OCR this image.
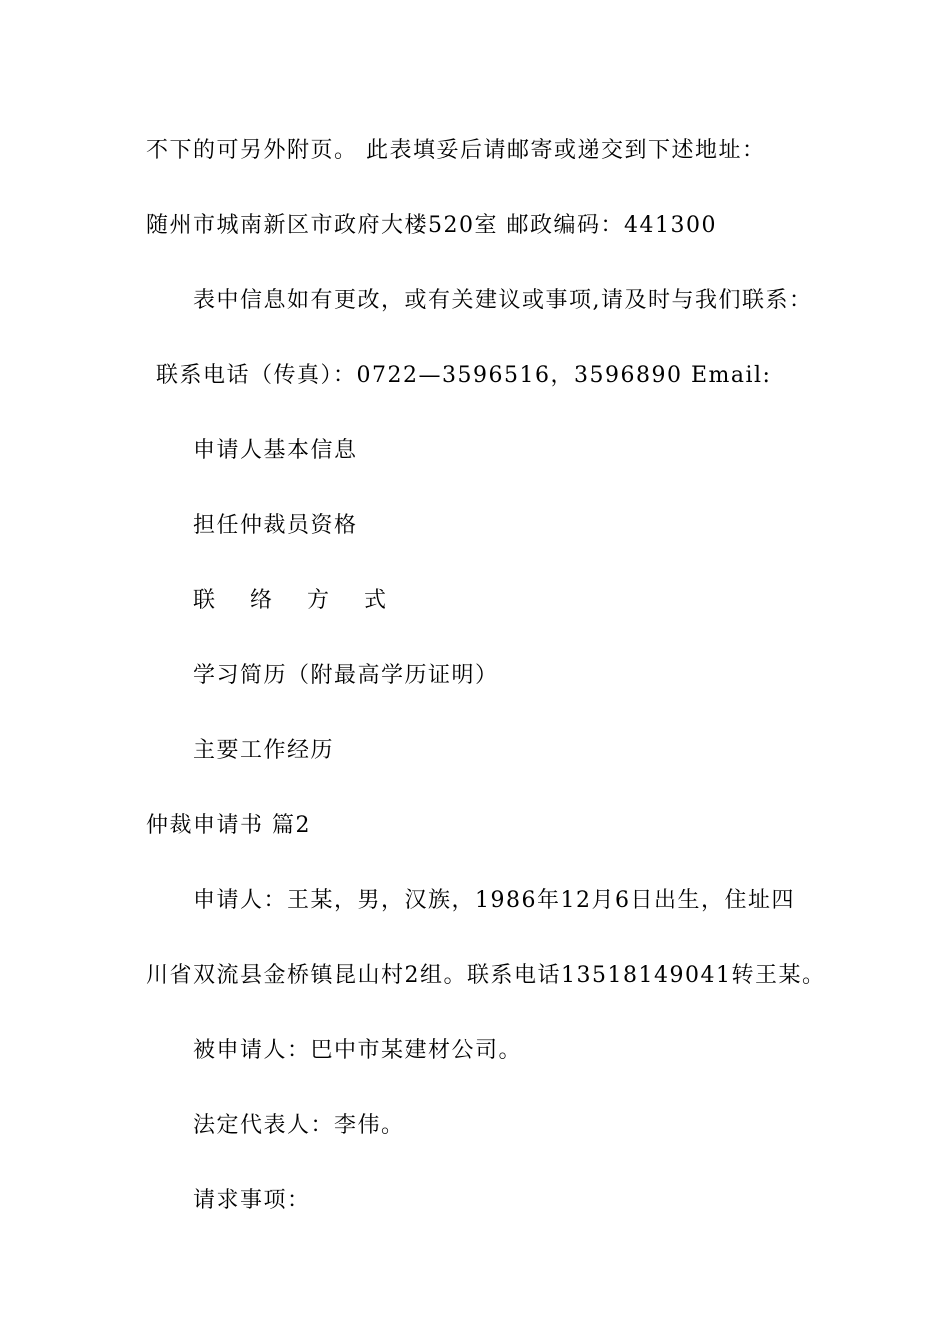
不下的可另外附页。 此表填妥后请邮寄或递交到下述地址：
随州市城南新区市政府大楼520室 邮政编码：441300
表中信息如有更改，或有关建议或事项,请及时与我们联系：
联系电话（传真）：0722—3596516，3596890 Email:
申请人基本信息
担任仲裁员资格
联 络 方 式
学习简历（附最高学历证明）
主要工作经历
仲裁申请书 篇2
申请人：王某，男，汉族，1986年12月6日出生，住址四
川省双流县金桥镇昆山村2组。联系电话13518149041转王某。
被申请人：巴中市某建材公司。
法定代表人：李伟。
请求事项：
